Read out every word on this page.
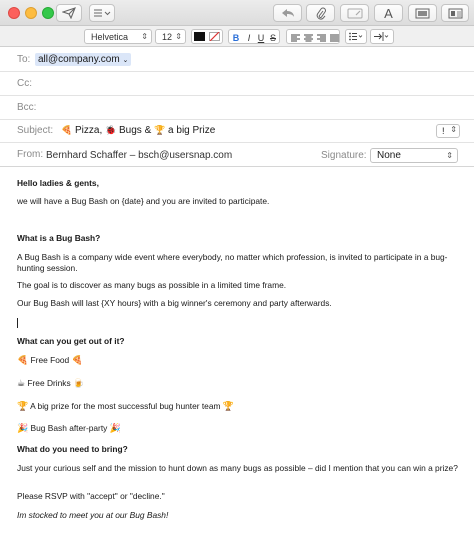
A
Helvetica ⇕ 12 ⇕	B I U S
To: all@company.com ⌄
Cc:
Bcc:
Subject: 🍕 Pizza, 🐞 Bugs & 🏆 a big Prize	! ⇕
From: Bernhard Schaffer – bsch@usersnap.com	Signature:	None	⇕
Hello ladies & gents,
we will have a Bug Bash on {date} and you are invited to participate.
What is a Bug Bash?
A Bug Bash is a company wide event where everybody, no matter which profession, is invited to participate in a bug-hunting session.
The goal is to discover as many bugs as possible in a limited time frame.
Our Bug Bash will last {XY hours} with a big winner's ceremony and party afterwards.
What can you get out of it?
🍕 Free Food 🍕
☕ Free Drinks 🍺
🏆 A big prize for the most successful bug hunter team 🏆
🎉 Bug Bash after-party 🎉
What do you need to bring?
Just your curious self and the mission to hunt down as many bugs as possible – did I mention that you can win a prize?
Please RSVP with "accept" or "decline."
Im stocked to meet you at our Bug Bash!
